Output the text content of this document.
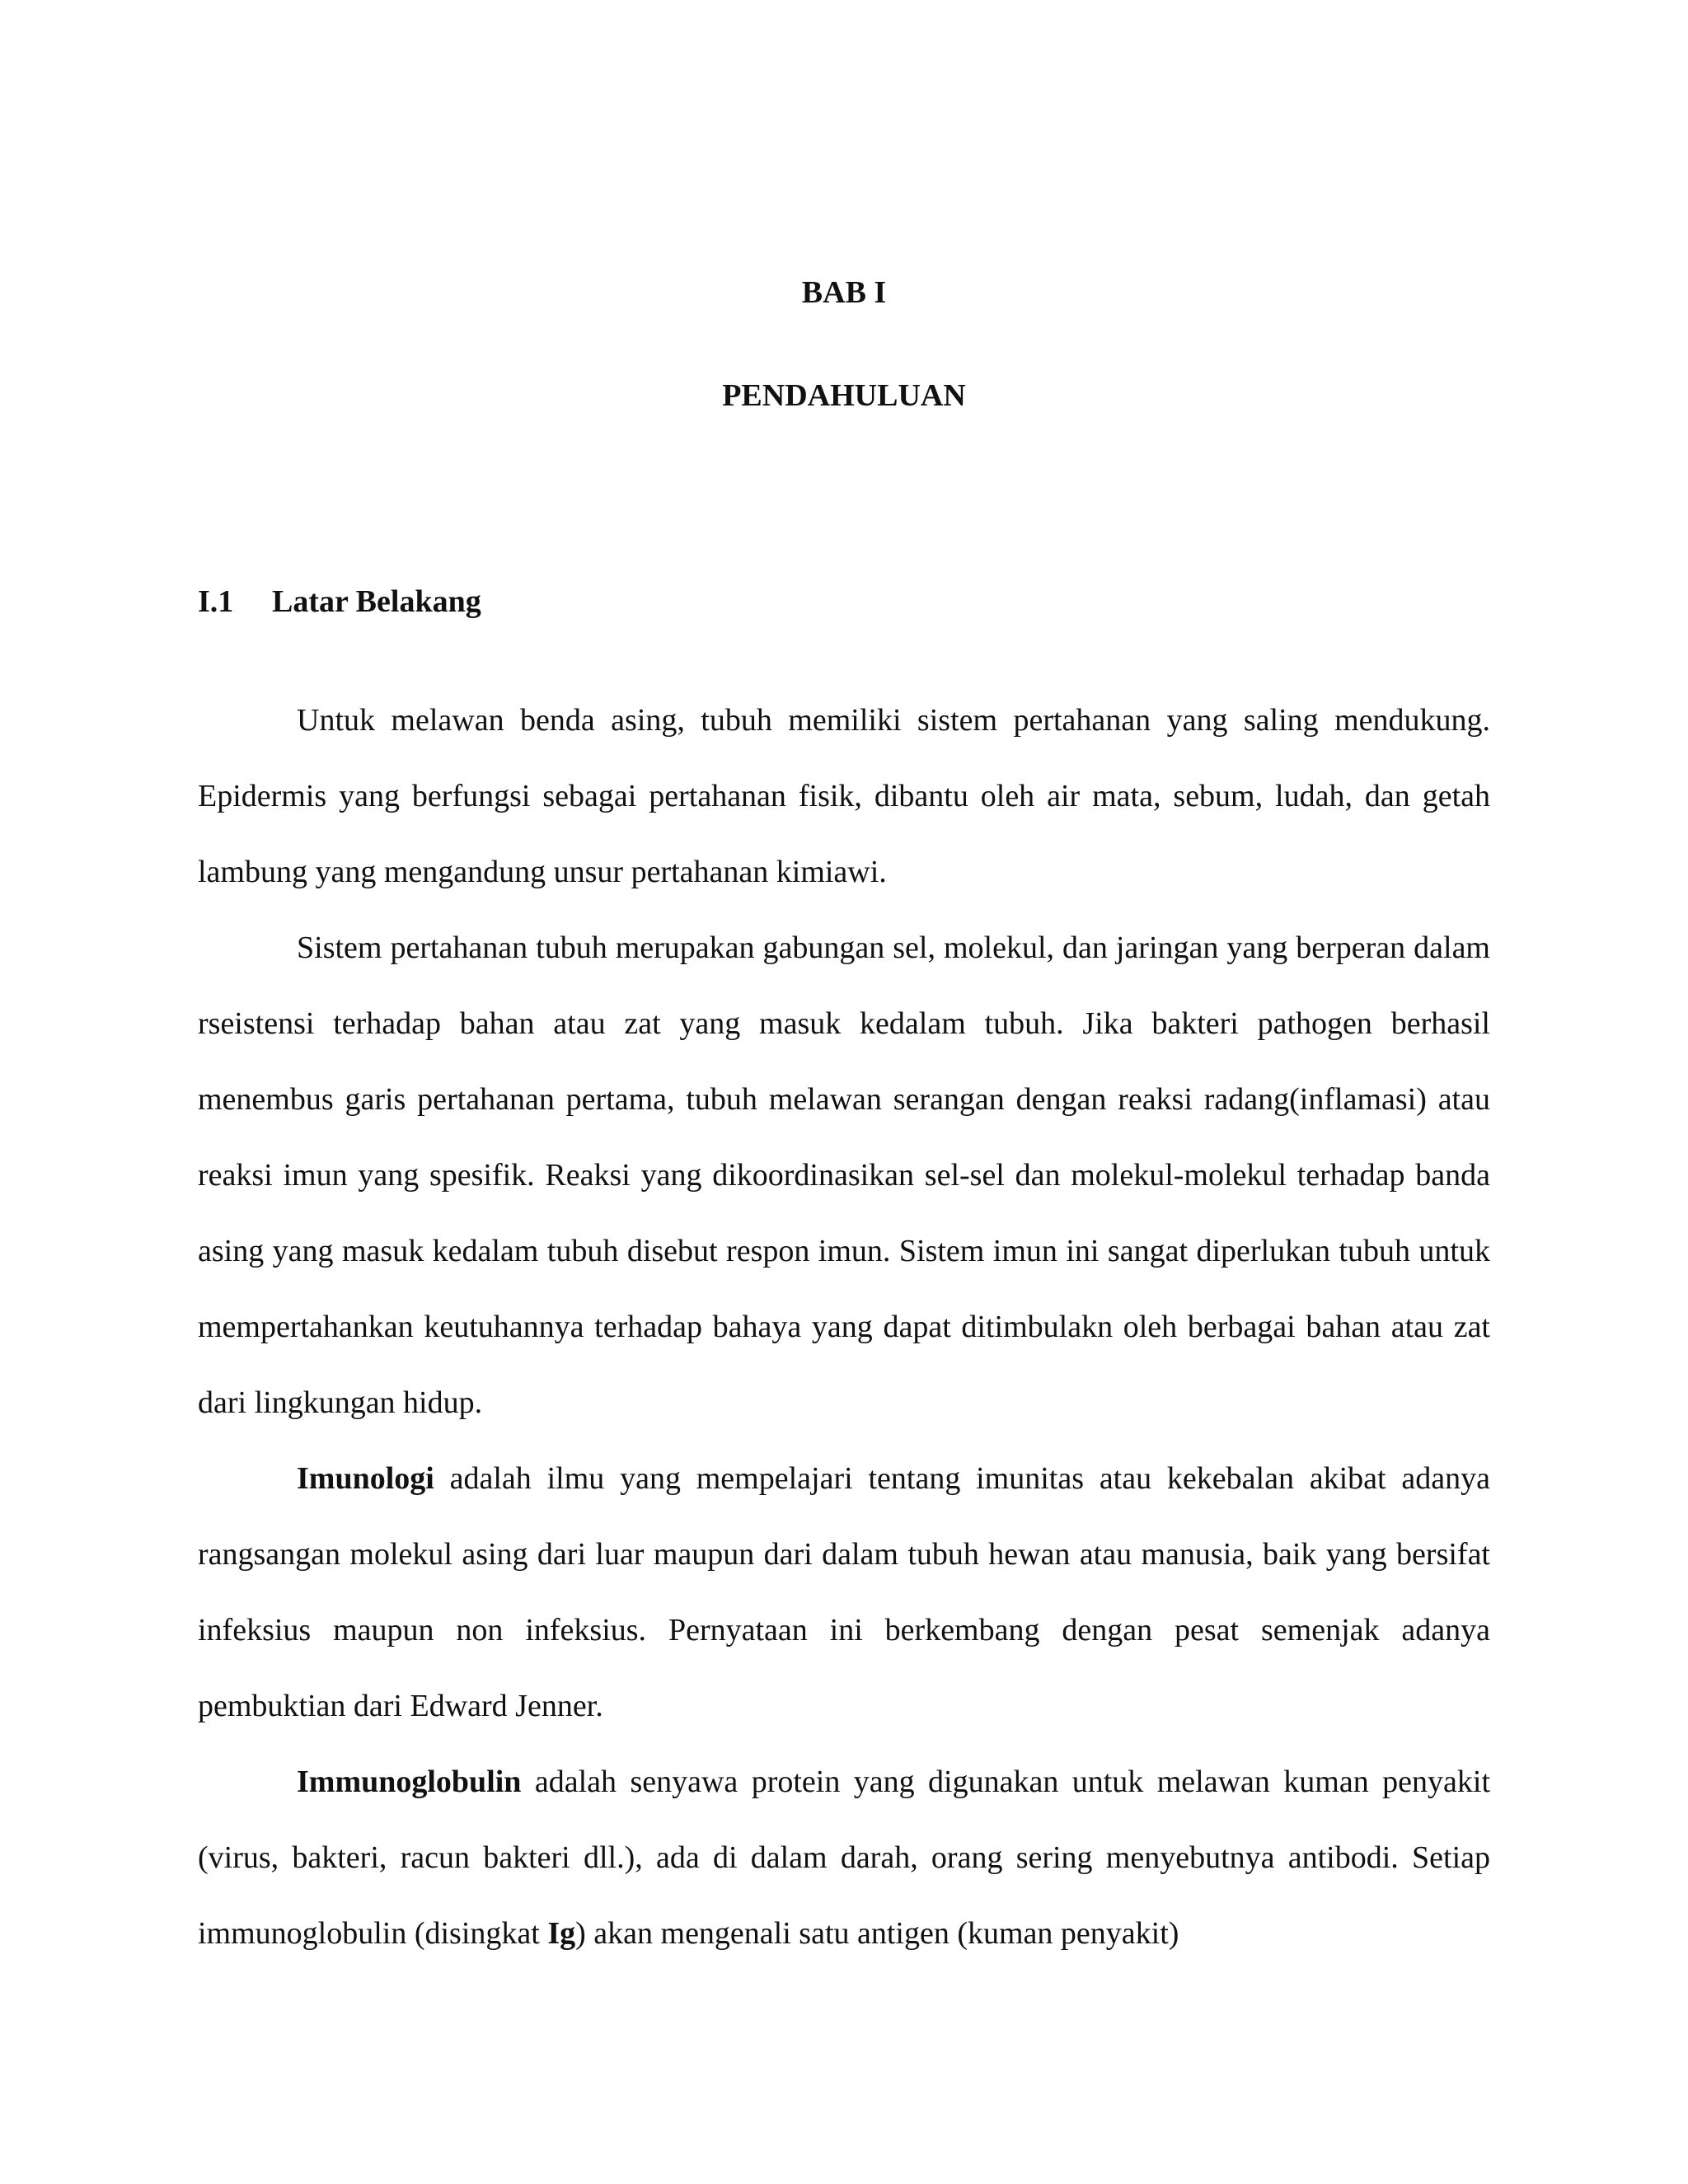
BAB I
PENDAHULUAN
I.1 Latar Belakang

Untuk melawan benda asing, tubuh memiliki sistem pertahanan yang saling mendukung. Epidermis yang berfungsi sebagai pertahanan fisik, dibantu oleh air mata, sebum, ludah, dan getah lambung yang mengandung unsur pertahanan kimiawi.

Sistem pertahanan tubuh merupakan gabungan sel, molekul, dan jaringan yang berperan dalam rseistensi terhadap bahan atau zat yang masuk kedalam tubuh. Jika bakteri pathogen berhasil menembus garis pertahanan pertama, tubuh melawan serangan dengan reaksi radang(inflamasi) atau reaksi imun yang spesifik. Reaksi yang dikoordinasikan sel-sel dan molekul-molekul terhadap banda asing yang masuk kedalam tubuh disebut respon imun. Sistem imun ini sangat diperlukan tubuh untuk mempertahankan keutuhannya terhadap bahaya yang dapat ditimbulakn oleh berbagai bahan atau zat dari lingkungan hidup.

Imunologi adalah ilmu yang mempelajari tentang imunitas atau kekebalan akibat adanya rangsangan molekul asing dari luar maupun dari dalam tubuh hewan atau manusia, baik yang bersifat infeksius maupun non infeksius. Pernyataan ini berkembang dengan pesat semenjak adanya pembuktian dari Edward Jenner.

Immunoglobulin adalah senyawa protein yang digunakan untuk melawan kuman penyakit (virus, bakteri, racun bakteri dll.), ada di dalam darah, orang sering menyebutnya antibodi. Setiap immunoglobulin (disingkat Ig) akan mengenali satu antigen (kuman penyakit)
